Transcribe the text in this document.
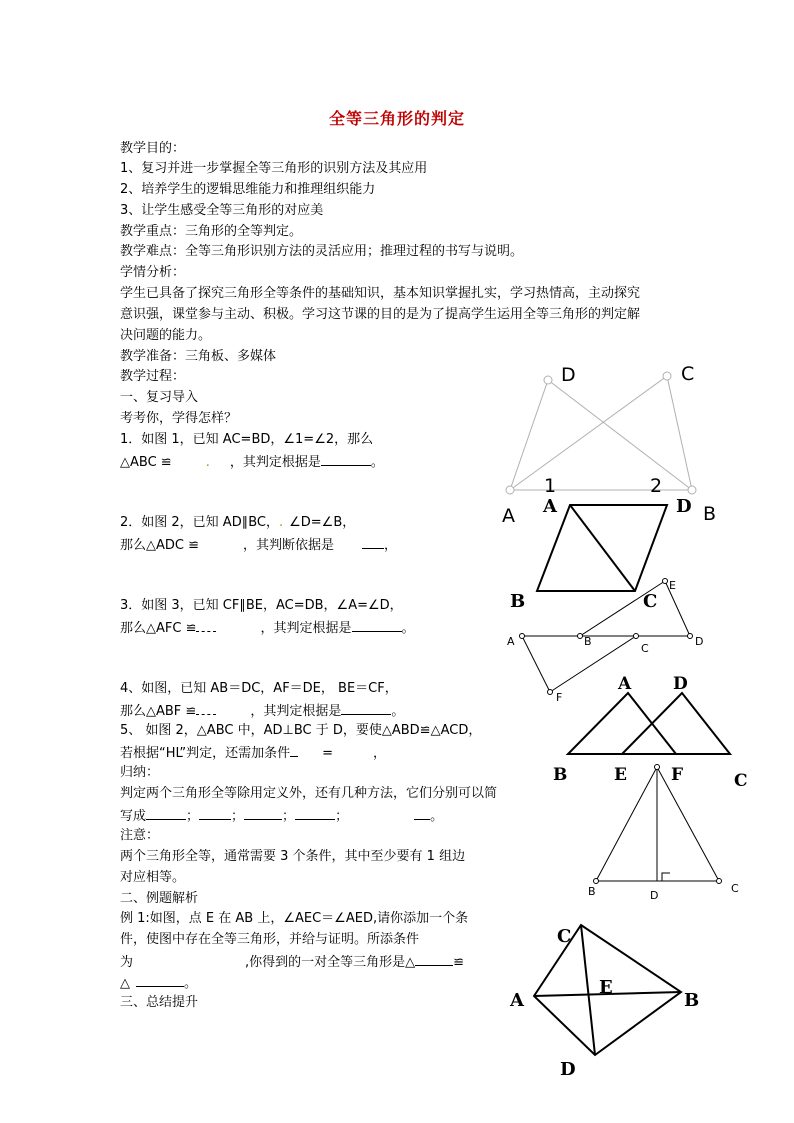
全等三角形的判定
教学目的：
1、复习并进一步掌握全等三角形的识别方法及其应用
2、培养学生的逻辑思维能力和推理组织能力
3、让学生感受全等三角形的对应美
教学重点：三角形的全等判定。
教学难点：全等三角形识别方法的灵活应用；推理过程的书写与说明。
学情分析：
学生已具备了探究三角形全等条件的基础知识，基本知识掌握扎实，学习热情高，主动探究
意识强，课堂参与主动、积极。学习这节课的目的是为了提高学生运用全等三角形的判定解
决问题的能力。
教学准备：三角板、多媒体
教学过程：
一、复习导入
考考你，学得怎样？
1．如图 1，已知 AC=BD，∠1=∠2，那么
△ABC ≌	. ，其判定根据是	。
2．如图 2，已知 AD∥BC，. ∠D=∠B，
那么△ADC ≌	，其判断依据是	，
3．如图 3，已知 CF∥BE，AC=DB，∠A=∠D，
那么△AFC ≌	，其判定根据是	。
4、如图，已知 AB＝DC，AF＝DE， BE＝CF，
那么△ABF ≌	，其判定根据是	。
5、 如图 2，△ABC 中，AD⊥BC 于 D，要使△ABD≌△ACD，
若根据“HL”判定，还需加条件 =	，
归纳：
判定两个三角形全等除用定义外，还有几种方法，它们分别可以简
写成	； ；	；	；	。
注意：
两个三角形全等，通常需要 3 个条件，其中至少要有 1 组边
对应相等。
二、例题解析
例 1:如图，点 E 在 AB 上，∠AEC＝∠AED,请你添加一个条
件，使图中存在全等三角形，并给与证明。所添条件
为	,你得到的一对全等三角形是△	≌
△	。
三、总结提升
D	C
A	B
1	2
A	D
B	C
A	B
C
D
E
F
A D
B	E	F	C
B	D
C
C
A
E
B
D
